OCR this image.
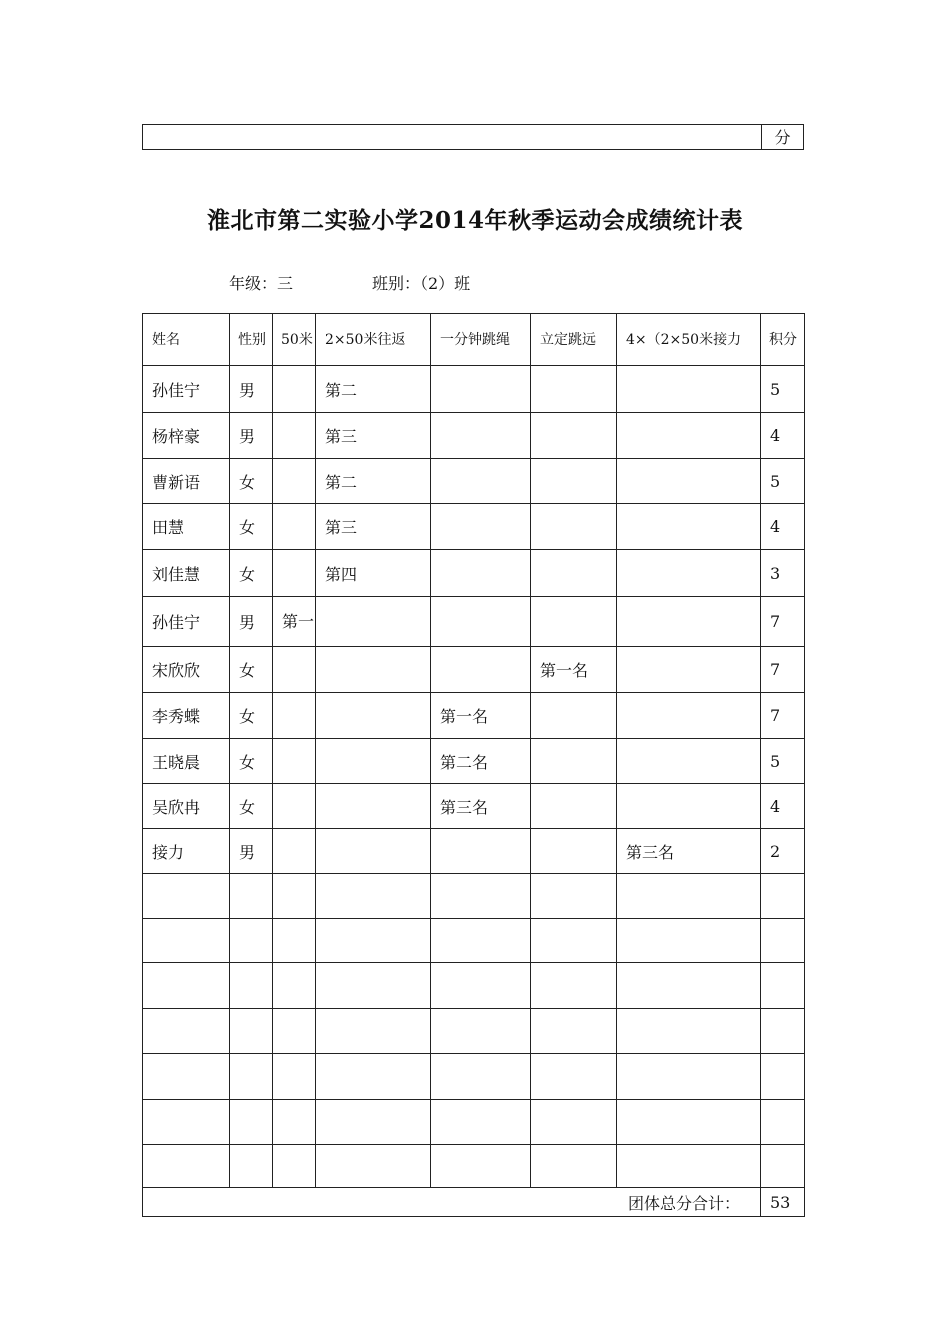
分
淮北市第二实验小学2014年秋季运动会成绩统计表
年级：三	班别：（2）班
姓名	性别	50米	2×50米往返	一分钟跳绳	立定跳远	4×（2×50米接力	积分
孙佳宁	男		第二				5
杨梓豪	男		第三				4
曹新语	女		第二				5
田慧	女		第三				4
刘佳慧	女		第四				3
孙佳宁	男	第一					7
宋欣欣	女				第一名		7
李秀蝶	女			第一名			7
王晓晨	女			第二名			5
吴欣冉	女			第三名			4
接力	男					第三名	2

团体总分合计：							53
